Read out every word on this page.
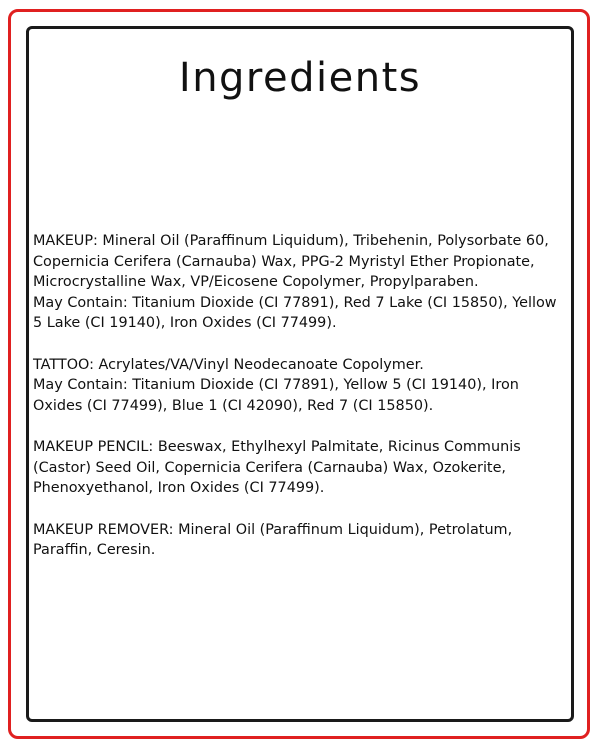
Ingredients

MAKEUP: Mineral Oil (Paraffinum Liquidum), Tribehenin, Polysorbate 60, Copernicia Cerifera (Carnauba) Wax, PPG-2 Myristyl Ether Propionate, Microcrystalline Wax, VP/Eicosene Copolymer, Propylparaben.

May Contain: Titanium Dioxide (CI 77891), Red 7 Lake (CI 15850), Yellow 5 Lake (CI 19140), Iron Oxides (CI 77499).

TATTOO: Acrylates/VA/Vinyl Neodecanoate Copolymer.

May Contain: Titanium Dioxide (CI 77891), Yellow 5 (CI 19140), Iron Oxides (CI 77499), Blue 1 (CI 42090), Red 7 (CI 15850).

MAKEUP PENCIL: Beeswax, Ethylhexyl Palmitate, Ricinus Communis (Castor) Seed Oil, Copernicia Cerifera (Carnauba) Wax, Ozokerite, Phenoxyethanol, Iron Oxides (CI 77499).

MAKEUP REMOVER: Mineral Oil (Paraffinum Liquidum), Petrolatum, Paraffin, Ceresin.
